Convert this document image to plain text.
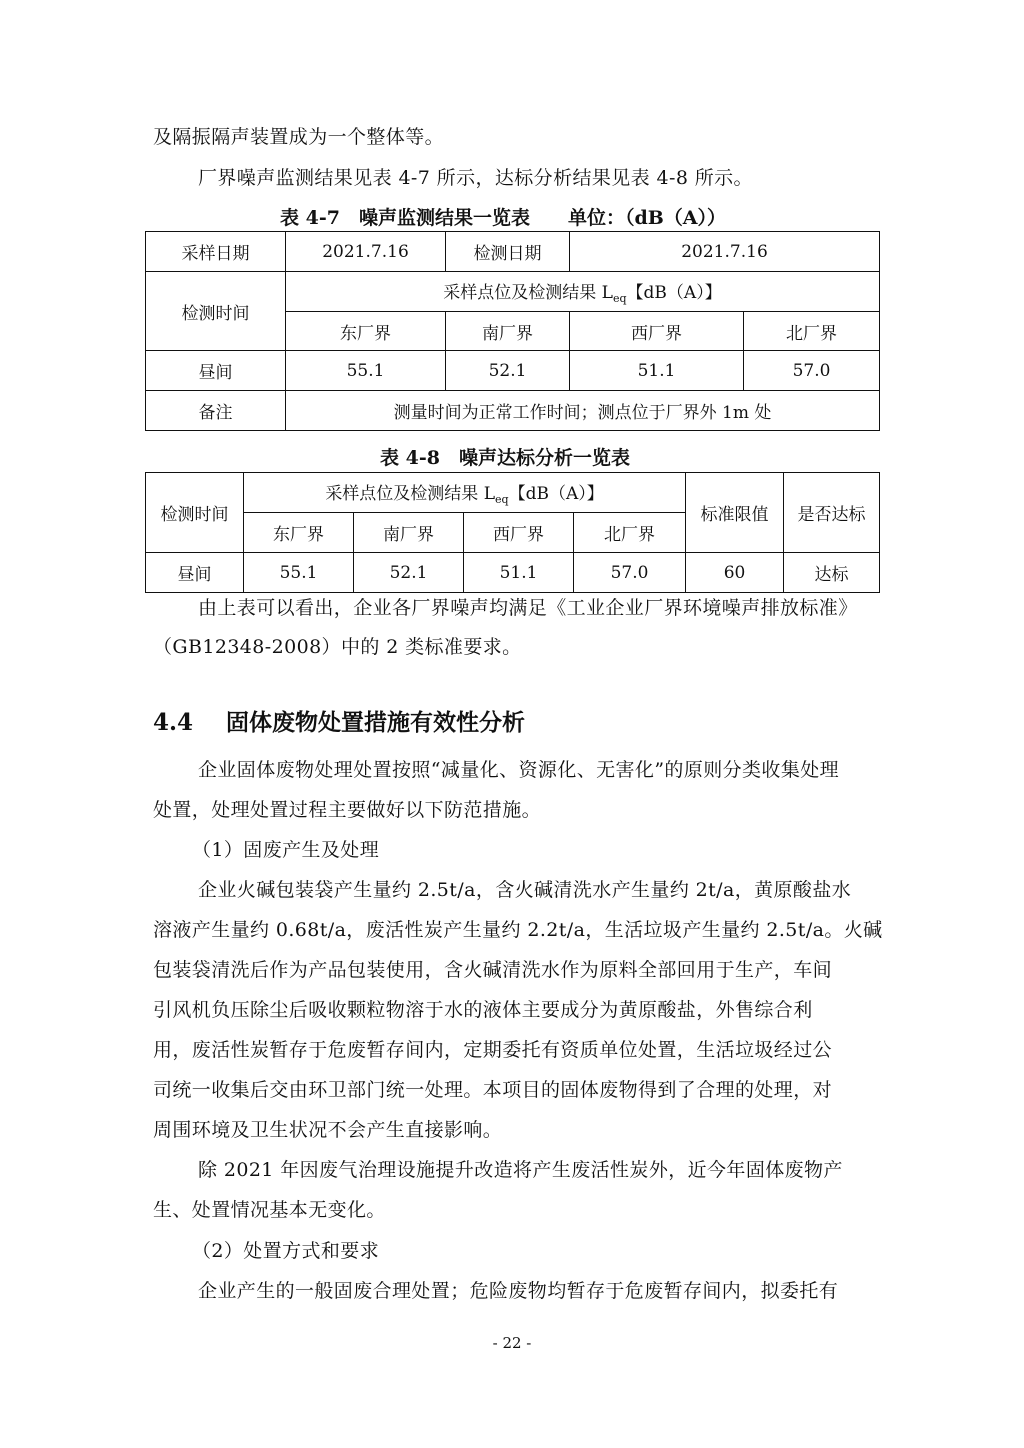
及隔振隔声装置成为一个整体等。

厂界噪声监测结果见表 4-7 所示，达标分析结果见表 4-8 所示。

表 4-7　噪声监测结果一览表　　单位：（dB（A））

采样日期	2021.7.16	检测日期	2021.7.16	
检测时间	采样点位及检测结果 $L_{eq}$【dB（A）】			
	东厂界	南厂界	西厂界	北厂界
昼间	55.1	52.1	51.1	57.0
备注	测量时间为正常工作时间；测点位于厂界外 1m 处			

表 4-8　噪声达标分析一览表

检测时间	采样点位及检测结果 $L_{eq}$【dB（A）】				标准限值	是否达标
	东厂界	南厂界	西厂界	北厂界		
昼间	55.1	52.1	51.1	57.0	60	达标

由上表可以看出，企业各厂界噪声均满足《工业企业厂界环境噪声排放标准》

（GB12348-2008）中的 2 类标准要求。

4.4 固体废物处置措施有效性分析

企业固体废物处理处置按照“减量化、资源化、无害化”的原则分类收集处理

处置，处理处置过程主要做好以下防范措施。

（1）固废产生及处理

企业火碱包装袋产生量约 2.5t/a，含火碱清洗水产生量约 2t/a，黄原酸盐水

溶液产生量约 0.68t/a，废活性炭产生量约 2.2t/a，生活垃圾产生量约 2.5t/a。火碱

包装袋清洗后作为产品包装使用，含火碱清洗水作为原料全部回用于生产，车间

引风机负压除尘后吸收颗粒物溶于水的液体主要成分为黄原酸盐，外售综合利

用，废活性炭暂存于危废暂存间内，定期委托有资质单位处置，生活垃圾经过公

司统一收集后交由环卫部门统一处理。本项目的固体废物得到了合理的处理，对

周围环境及卫生状况不会产生直接影响。

除 2021 年因废气治理设施提升改造将产生废活性炭外，近今年固体废物产

生、处置情况基本无变化。

（2）处置方式和要求

企业产生的一般固废合理处置；危险废物均暂存于危废暂存间内，拟委托有

- 22 -
